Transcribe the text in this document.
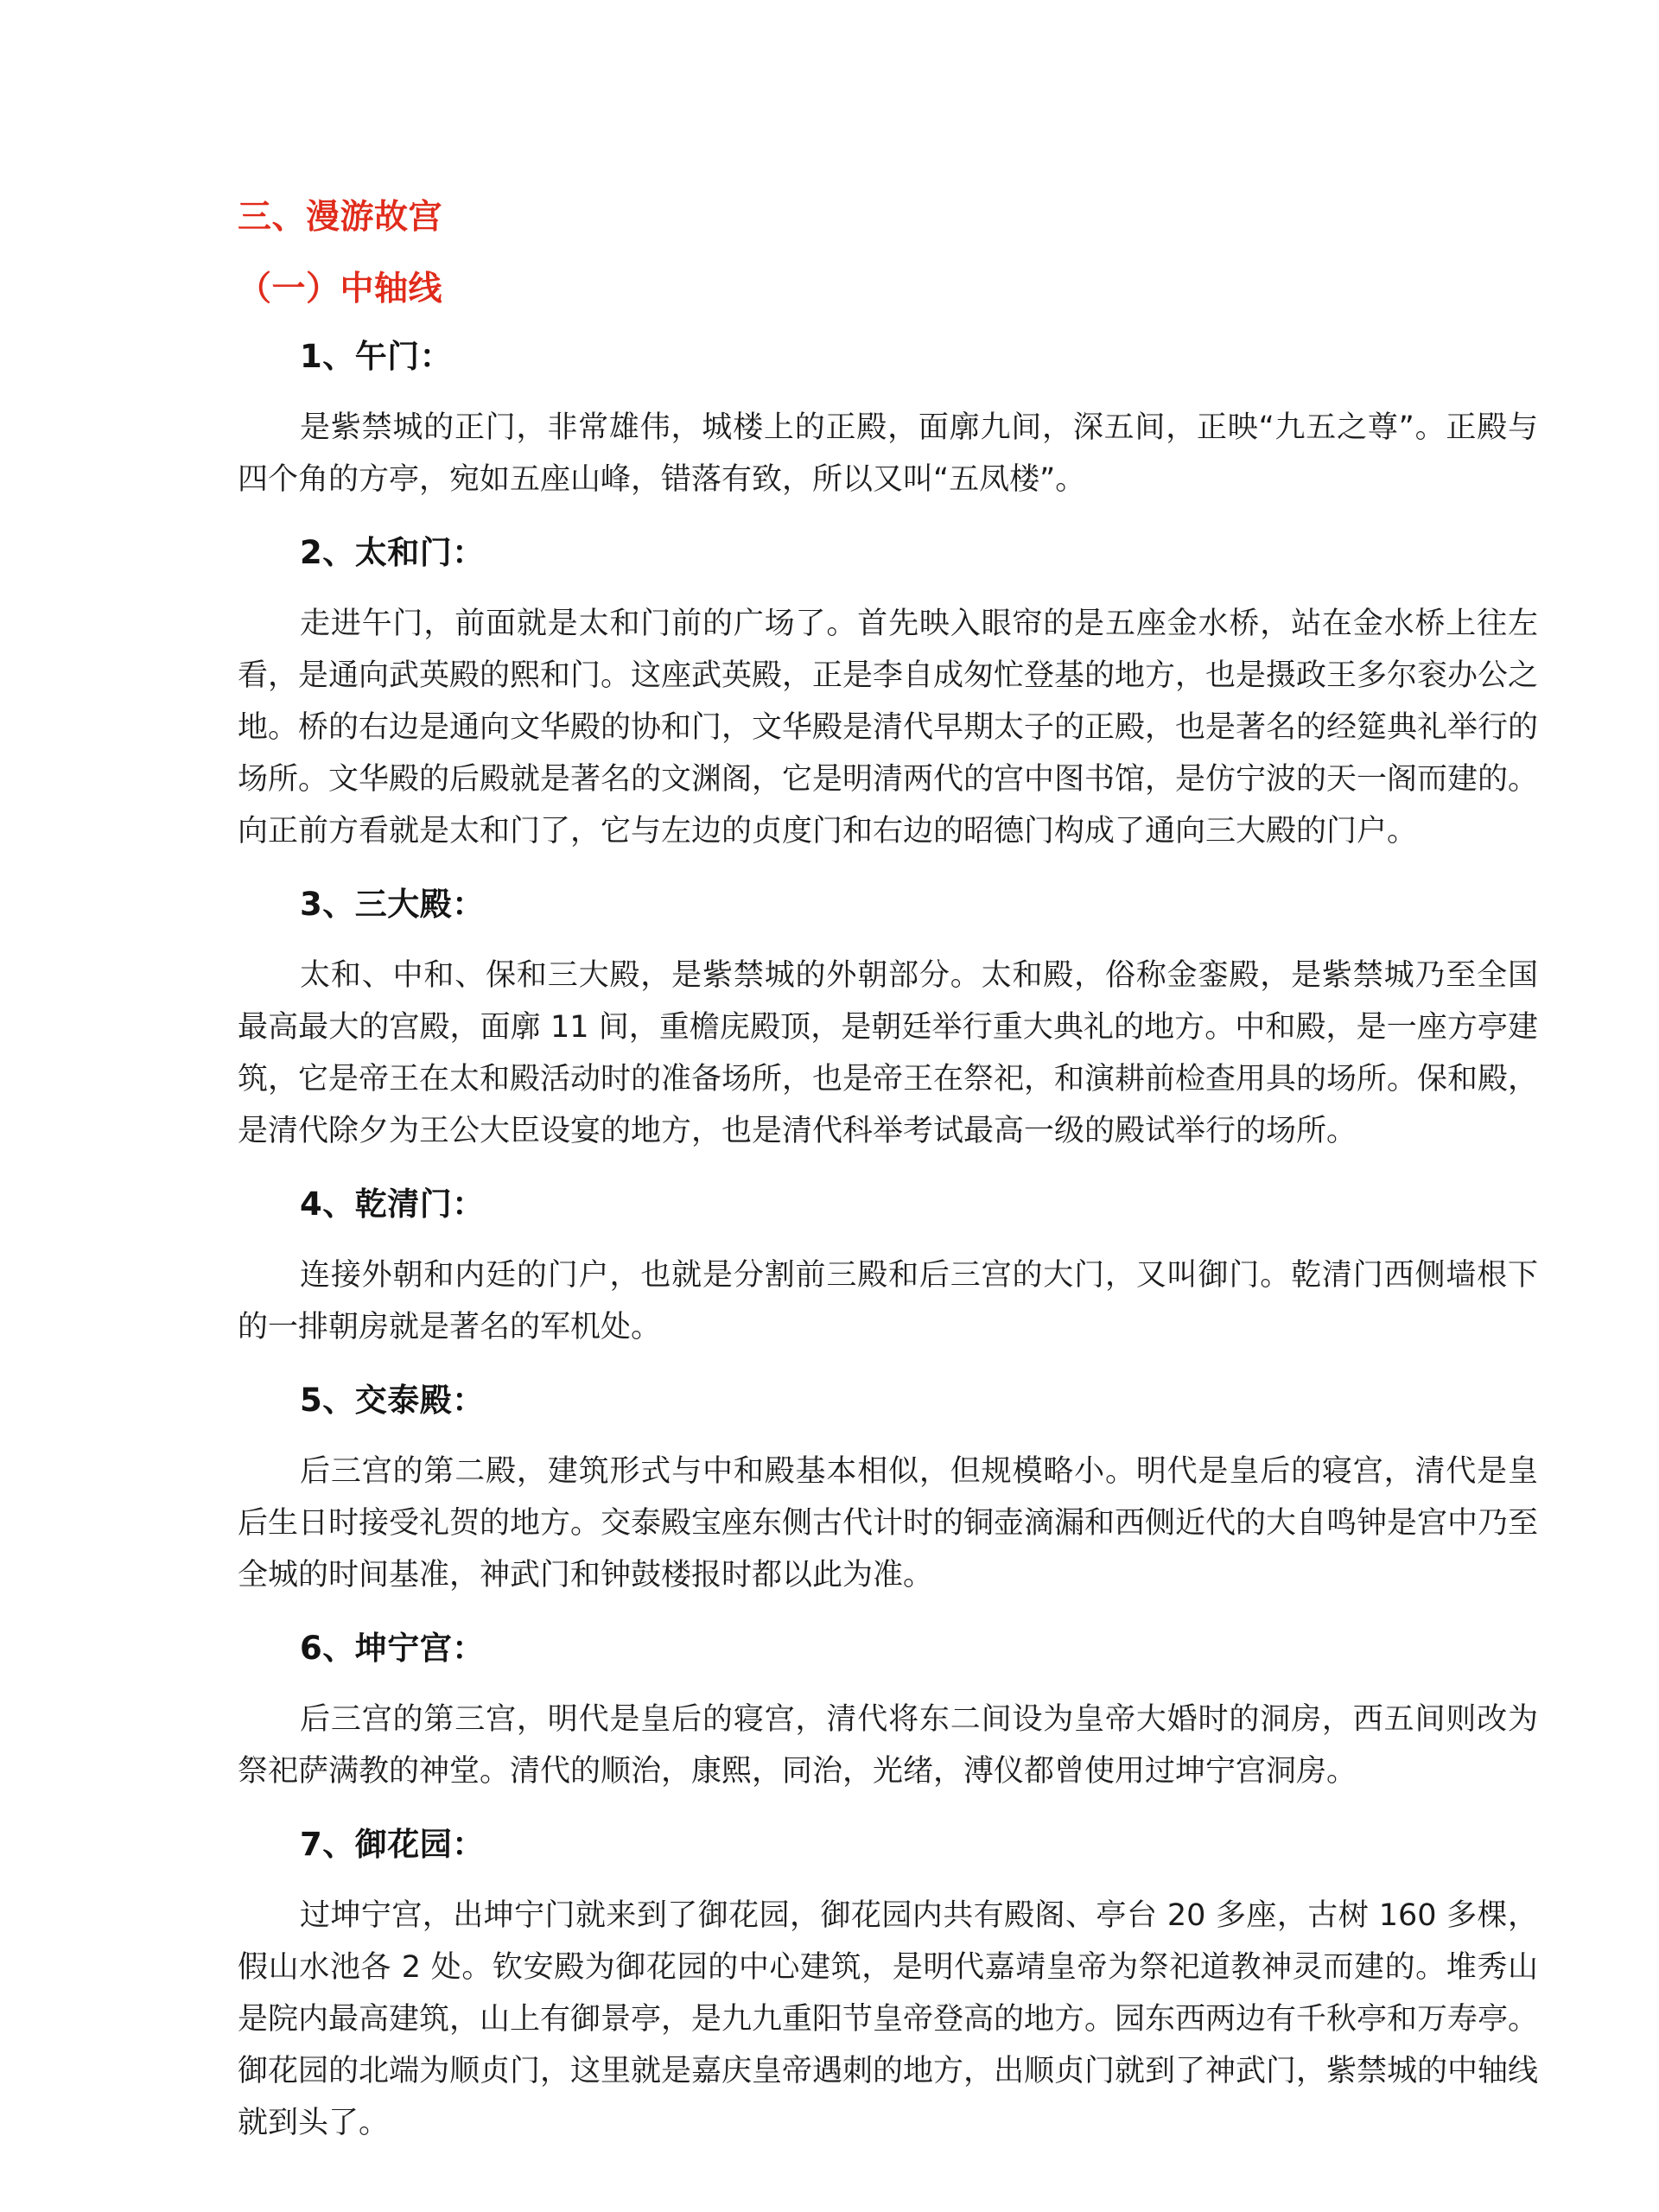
三、漫游故宫
（一）中轴线
1、午门：

是紫禁城的正门，非常雄伟，城楼上的正殿，面廓九间，深五间，正映“九五之尊”。正殿与四个角的方亭，宛如五座山峰，错落有致，所以又叫“五凤楼”。

2、太和门：

走进午门，前面就是太和门前的广场了。首先映入眼帘的是五座金水桥，站在金水桥上往左看，是通向武英殿的熙和门。这座武英殿，正是李自成匆忙登基的地方，也是摄政王多尔衮办公之地。桥的右边是通向文华殿的协和门，文华殿是清代早期太子的正殿，也是著名的经筵典礼举行的场所。文华殿的后殿就是著名的文渊阁，它是明清两代的宫中图书馆，是仿宁波的天一阁而建的。向正前方看就是太和门了，它与左边的贞度门和右边的昭德门构成了通向三大殿的门户。

3、三大殿：

太和、中和、保和三大殿，是紫禁城的外朝部分。太和殿，俗称金銮殿，是紫禁城乃至全国最高最大的宫殿，面廓 11 间，重檐庑殿顶，是朝廷举行重大典礼的地方。中和殿，是一座方亭建筑，它是帝王在太和殿活动时的准备场所，也是帝王在祭祀，和演耕前检查用具的场所。保和殿，是清代除夕为王公大臣设宴的地方，也是清代科举考试最高一级的殿试举行的场所。

4、乾清门：

连接外朝和内廷的门户，也就是分割前三殿和后三宫的大门，又叫御门。乾清门西侧墙根下的一排朝房就是著名的军机处。

5、交泰殿：

后三宫的第二殿，建筑形式与中和殿基本相似，但规模略小。明代是皇后的寝宫，清代是皇后生日时接受礼贺的地方。交泰殿宝座东侧古代计时的铜壶滴漏和西侧近代的大自鸣钟是宫中乃至全城的时间基准，神武门和钟鼓楼报时都以此为准。

6、坤宁宫：

后三宫的第三宫，明代是皇后的寝宫，清代将东二间设为皇帝大婚时的洞房，西五间则改为祭祀萨满教的神堂。清代的顺治，康熙，同治，光绪，溥仪都曾使用过坤宁宫洞房。

7、御花园：

过坤宁宫，出坤宁门就来到了御花园，御花园内共有殿阁、亭台 20 多座，古树 160 多棵，假山水池各 2 处。钦安殿为御花园的中心建筑，是明代嘉靖皇帝为祭祀道教神灵而建的。堆秀山是院内最高建筑，山上有御景亭，是九九重阳节皇帝登高的地方。园东西两边有千秋亭和万寿亭。御花园的北端为顺贞门，这里就是嘉庆皇帝遇刺的地方，出顺贞门就到了神武门，紫禁城的中轴线就到头了。
